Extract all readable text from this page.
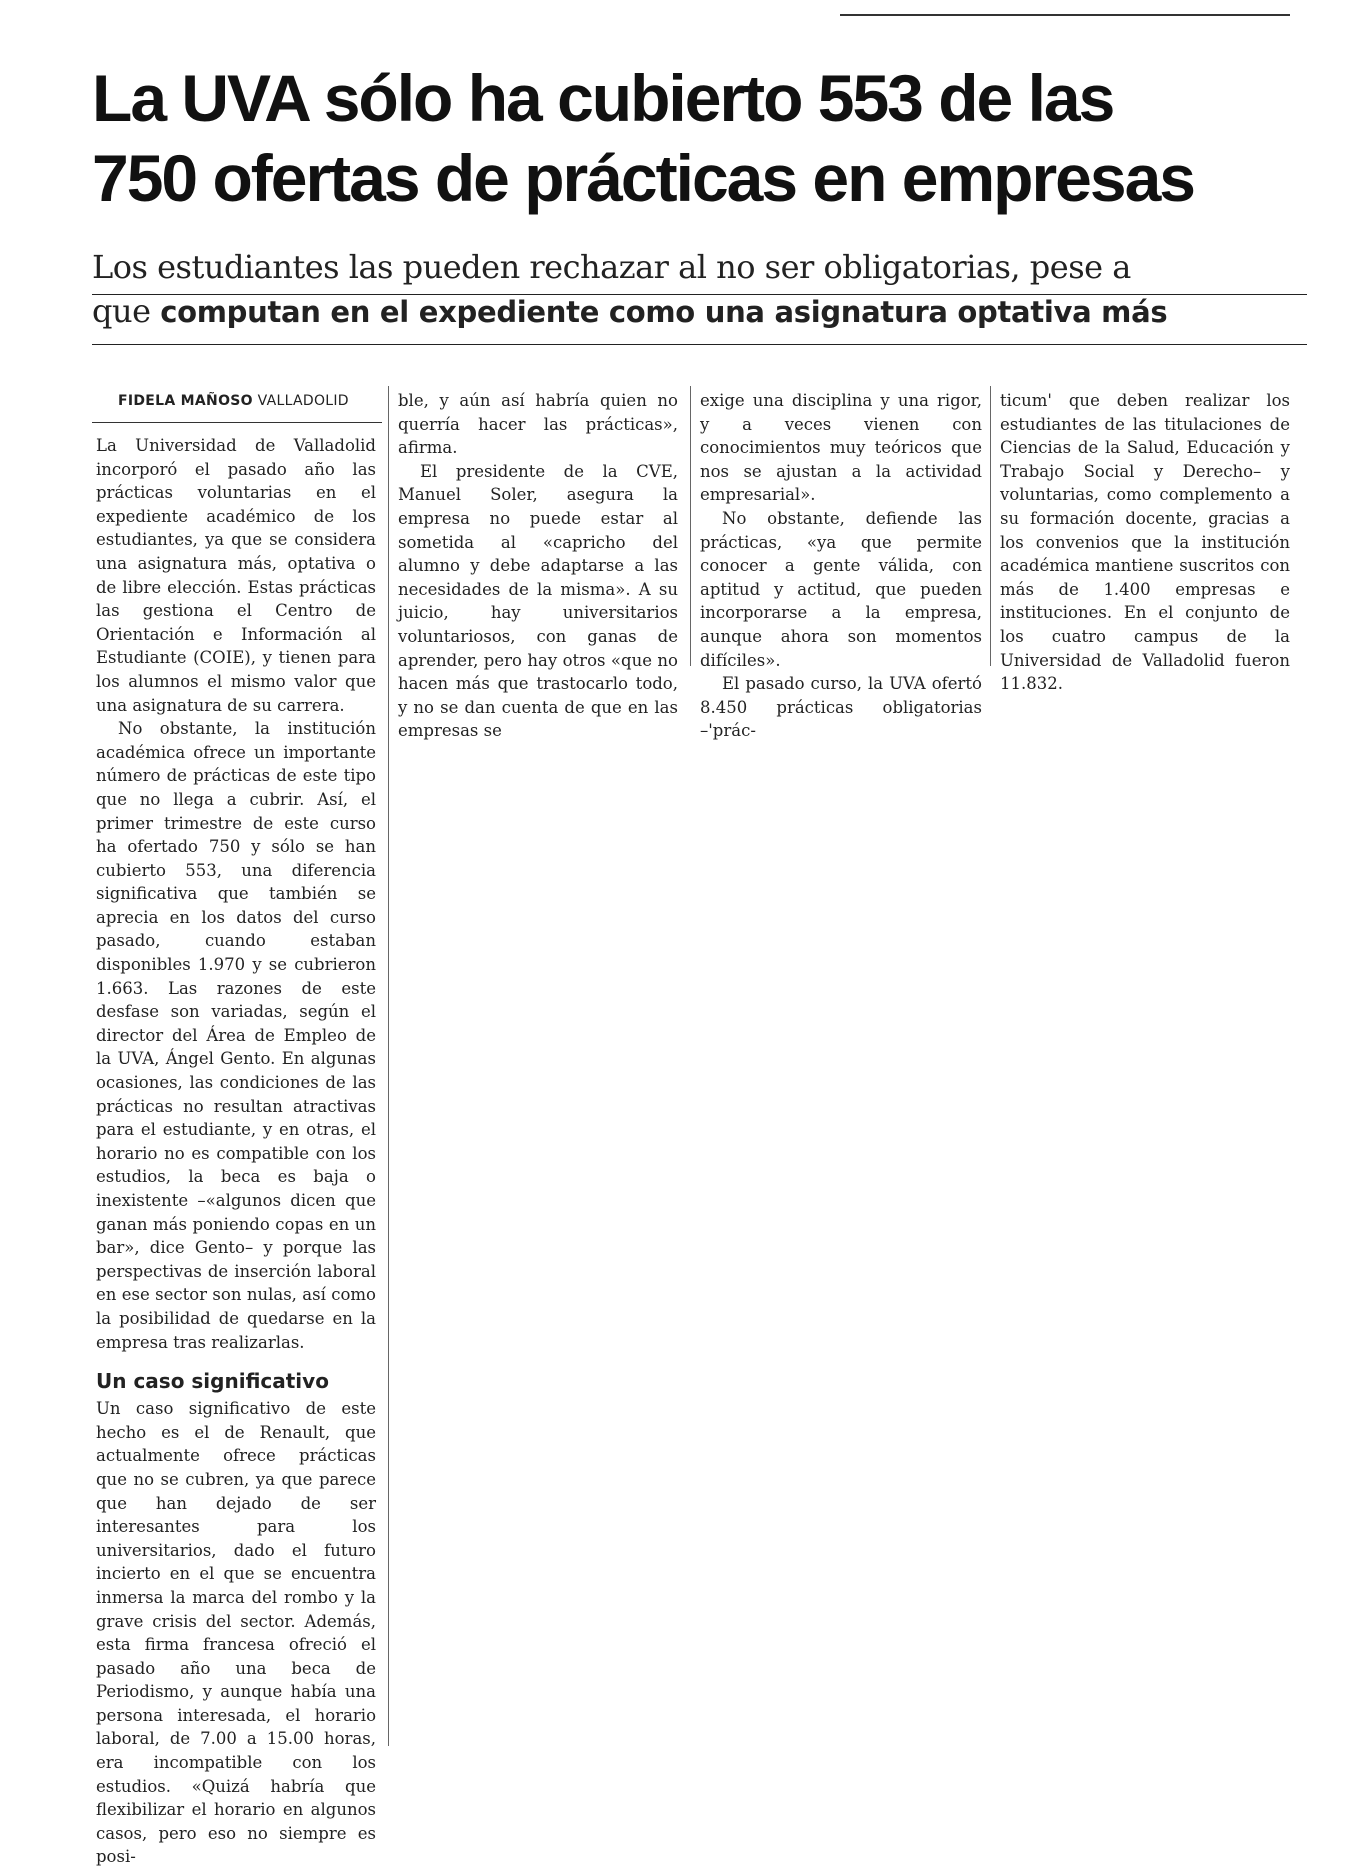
La UVA sólo ha cubierto 553 de las
750 ofertas de prácticas en empresas
Los estudiantes las pueden rechazar al no ser obligatorias, pese a
que computan en el expediente como una asignatura optativa más
FIDELA MAÑOSO VALLADOLID

La Universidad de Valladolid incorporó el pasado año las prácticas voluntarias en el expediente académico de los estudiantes, ya que se considera una asignatura más, optativa o de libre elección. Estas prácticas las gestiona el Centro de Orientación e Información al Estudiante (COIE), y tienen para los alumnos el mismo valor que una asignatura de su carrera.

No obstante, la institución académica ofrece un importante número de prácticas de este tipo que no llega a cubrir. Así, el primer trimestre de este curso ha ofertado 750 y sólo se han cubierto 553, una diferencia significativa que también se aprecia en los datos del curso pasado, cuando estaban disponibles 1.970 y se cubrieron 1.663. Las razones de este desfase son variadas, según el director del Área de Empleo de la UVA, Ángel Gento. En algunas ocasiones, las condiciones de las prácticas no resultan atractivas para el estudiante, y en otras, el horario no es compatible con los estudios, la beca es baja o inexistente –«algunos dicen que ganan más poniendo copas en un bar», dice Gento– y porque las perspectivas de inserción laboral en ese sector son nulas, así como la posibilidad de quedarse en la empresa tras realizarlas.

Un caso significativo

Un caso significativo de este hecho es el de Renault, que actualmente ofrece prácticas que no se cubren, ya que parece que han dejado de ser interesantes para los universitarios, dado el futuro incierto en el que se encuentra inmersa la marca del rombo y la grave crisis del sector. Además, esta firma francesa ofreció el pasado año una beca de Periodismo, y aunque había una persona interesada, el horario laboral, de 7.00 a 15.00 horas, era incompatible con los estudios. «Quizá habría que flexibilizar el horario en algunos casos, pero eso no siempre es posi-

ble, y aún así habría quien no querría hacer las prácticas», afirma.

El presidente de la CVE, Manuel Soler, asegura la empresa no puede estar al sometida al «capricho del alumno y debe adaptarse a las necesidades de la misma». A su juicio, hay universitarios voluntariosos, con ganas de aprender, pero hay otros «que no hacen más que trastocarlo todo, y no se dan cuenta de que en las empresas se

exige una disciplina y una rigor, y a veces vienen con conocimientos muy teóricos que nos se ajustan a la actividad empresarial».

No obstante, defiende las prácticas, «ya que permite conocer a gente válida, con aptitud y actitud, que pueden incorporarse a la empresa, aunque ahora son momentos difíciles».

El pasado curso, la UVA ofertó 8.450 prácticas obligatorias –'prác-

ticum' que deben realizar los estudiantes de las titulaciones de Ciencias de la Salud, Educación y Trabajo Social y Derecho– y voluntarias, como complemento a su formación docente, gracias a los convenios que la institución académica mantiene suscritos con más de 1.400 empresas e instituciones. En el conjunto de los cuatro campus de la Universidad de Valladolid fueron 11.832.
